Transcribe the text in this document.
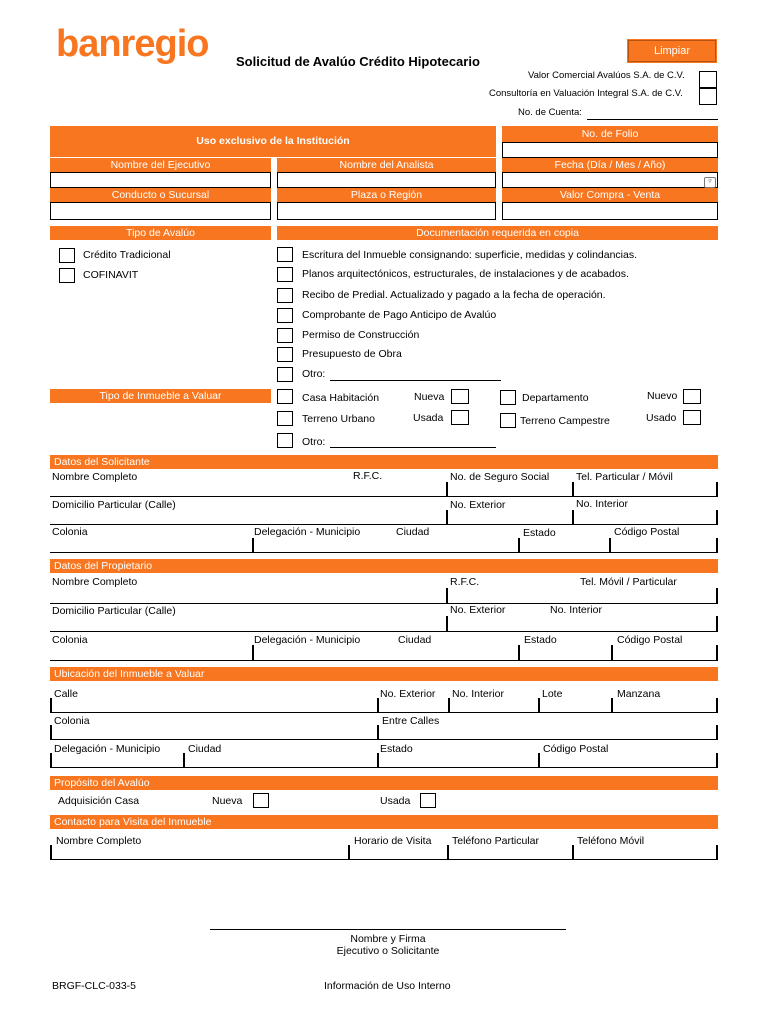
banregio Solicitud de Avalúo Crédito Hipotecario
Limpiar
Valor Comercial Avalúos S.A. de C.V.
Consultoría en Valuación Integral S.A. de C.V.
No. de Cuenta:
Uso exclusivo de la Institución
No. de Folio
Nombre del Ejecutivo	Nombre del Analista	Fecha (Día / Mes / Año)
▿
Conducto o Sucursal	Plaza o Región	Valor Compra - Venta
Tipo de Avalúo	Documentación requerida en copia
Crédito Tradicional
COFINAVIT
Escritura del Inmueble consignando: superficie, medidas y colindancias.
Planos arquitectónicos, estructurales, de instalaciones y de acabados.
Recibo de Predial. Actualizado y pagado a la fecha de operación.
Comprobante de Pago Anticipo de Avalúo
Permiso de Construcción
Presupuesto de Obra
Otro:
Tipo de Inmueble a Valuar	Casa Habitación	Nueva	Departamento	Nuevo
Terreno Urbano	Usada	Terreno Campestre	Usado
Otro:
Datos del Solicitante
Nombre Completo	R.F.C.	No. de Seguro Social	Tel. Particular / Móvil
Domicilio Particular (Calle)	No. Exterior	No. Interior
Colonia	Delegación - Municipio	Ciudad	Estado	Código Postal
Datos del Propietario
Nombre Completo	R.F.C.	Tel. Móvil / Particular
Domicilio Particular (Calle)	No. Exterior	No. Interior
Colonia	Delegación - Municipio	Ciudad	Estado	Código Postal
Ubicación del Inmueble a Valuar
Calle	No. Exterior No. Interior	Lote	Manzana
Colonia	Entre Calles
Delegación - Municipio	Ciudad	Estado	Código Postal
Propósito del Avalúo
Adquisición Casa	Nueva	Usada
Contacto para Visita del Inmueble
Nombre Completo	Horario de Visita Teléfono Particular	Teléfono Móvil
Nombre y Firma
Ejecutivo o Solicitante
BRGF-CLC-033-5	Información de Uso Interno
